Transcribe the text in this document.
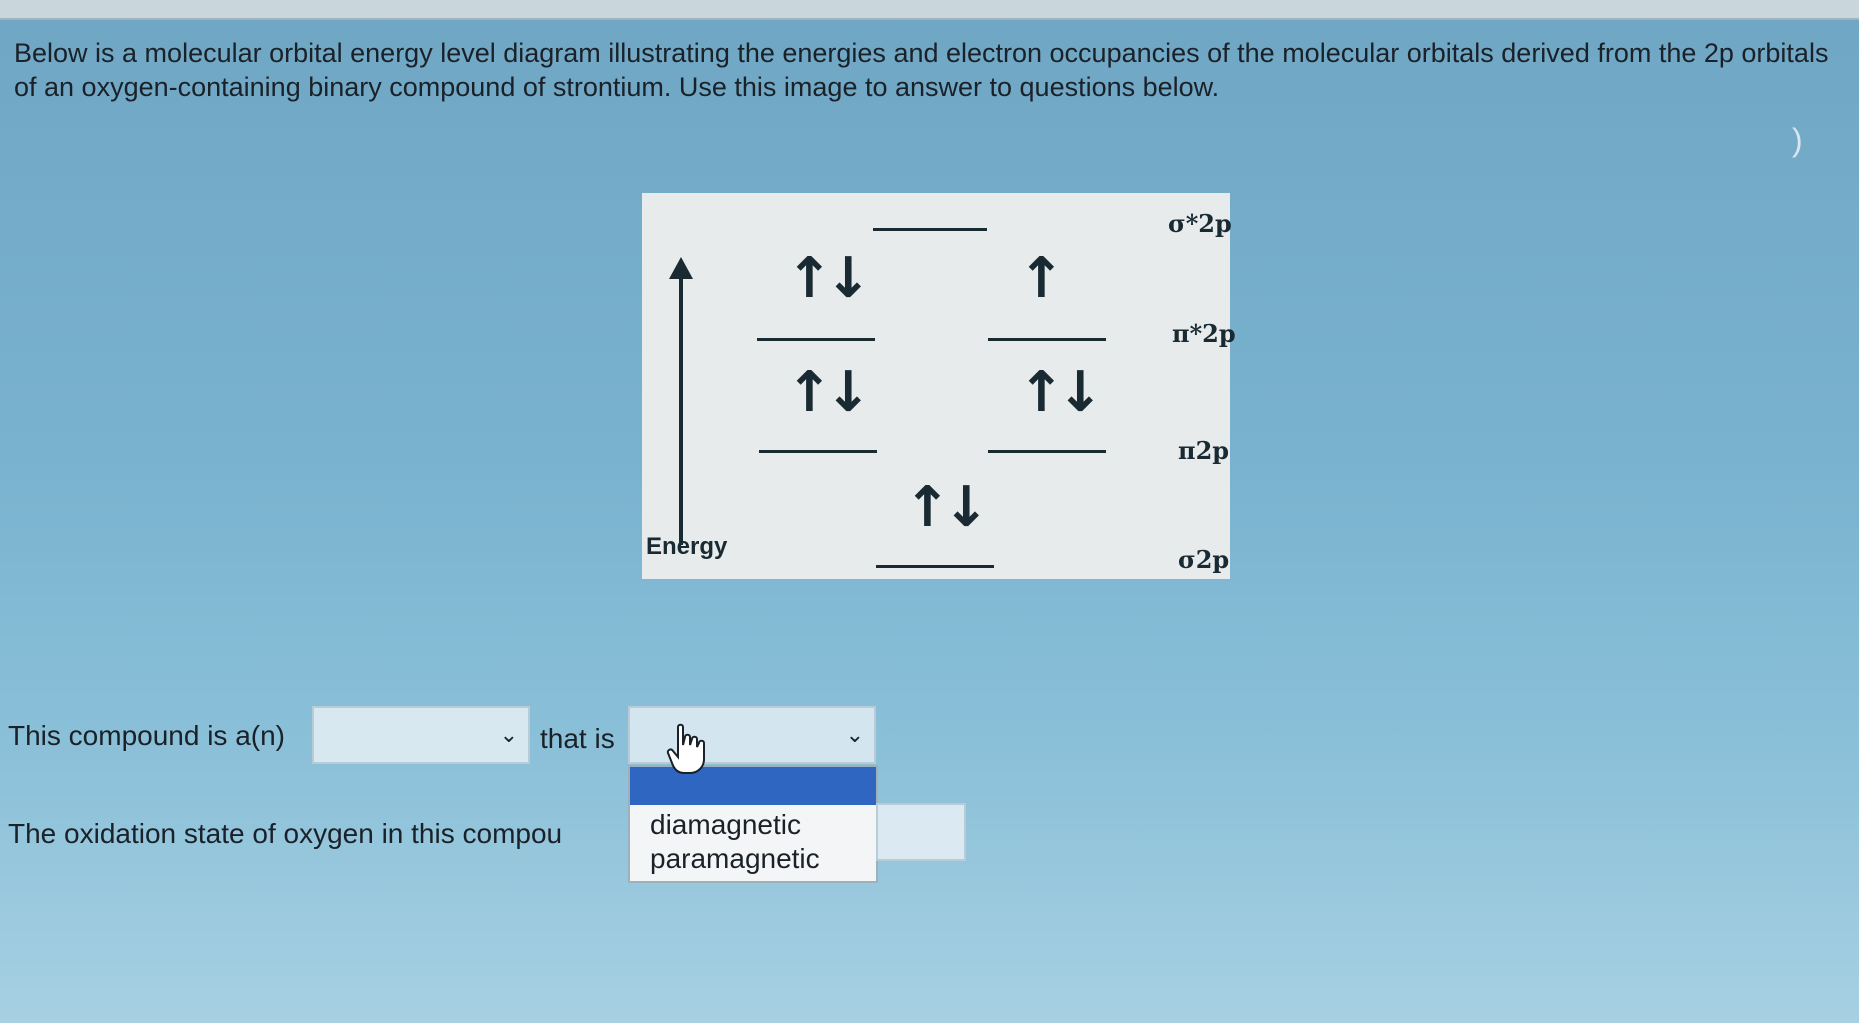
Below is a molecular orbital energy level diagram illustrating the energies and electron occupancies of the molecular orbitals derived from the 2p orbitals of an oxygen-containing binary compound of strontium. Use this image to answer to questions below.
)
Energy
↑↓	↑
↑↓	↑↓
↑↓
σ*2p
π*2p
π2p
σ2p
This compound is a(n)	⌄ that is	⌄
diamagnetic
paramagnetic
The oxidation state of oxygen in this compou
